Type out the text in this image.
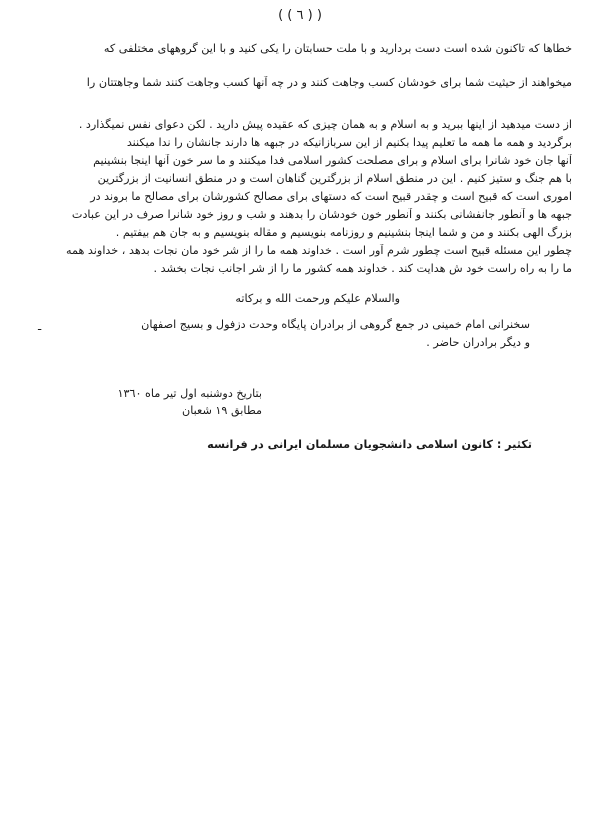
( ( ٦ ) )
خطا‌ها که تاکنون شده است دست بردارید و با ملت حسابتان را یکی کنید و با این گروههای مختلفی که
میخواهند از حیثیت شما برای خودشان کسب وجاهت کنند و در چه آنها کسب وجاهت کنند شما وجاهتتان را
از دست میدهید از اینها ببرید و به اسلام و به همان چیزی که عقیده پیش دارید . لکن دعوای نفس نمیگذارد .
برگردید و همه ما همه ما تعلیم پیدا بکنیم از این سربازانیکه در جبهه ها دارند جانشان را ندا میکنند
آنها جان خود شانرا برای اسلام و برای مصلحت کشور اسلامی فدا میکنند و ما سر خون آنها اینجا بنشینیم
با هم جنگ و ستیز کنیم . این در منطق اسلام از بزرگترین گناهان است و در منطق انسانیت از بزرگترین
اموری است که قبیح است و چقدر قبیح است که دستهای برای مصالح کشورشان برای مصالح ما بروند در
جبهه ها و آنطور جانفشانی بکنند و آنطور خون خودشان را بدهند و شب و روز خود شانرا صرف در این عبادت
بزرگ الهی بکنند و من و شما اینجا بنشینیم و روزنامه بنویسیم و مقاله بنویسیم و به جان هم بیفتیم .
چطور این مسئله قبیح است چطور شرم آور است . خداوند همه ما را از شر خود مان نجات بدهد ، خداوند همه
ما را به راه راست خود ش هدایت کند . خداوند همه کشور ما را از شر اجانب نجات بخشد .
والسلام علیکم ورحمت الله و برکاته
ـ	سخنرانی امام خمینی در جمع گروهی از برادران پایگاه وحدت دزفول و بسیج اصفهان
و دیگر برادران حاضر .
بتاریخ دوشنبه اول تیر ماه ١٣٦٠
مطابق ١٩ شعبان
تکثیر : کانون اسلامی دانشجویان مسلمان ایرانی در فرانسه
